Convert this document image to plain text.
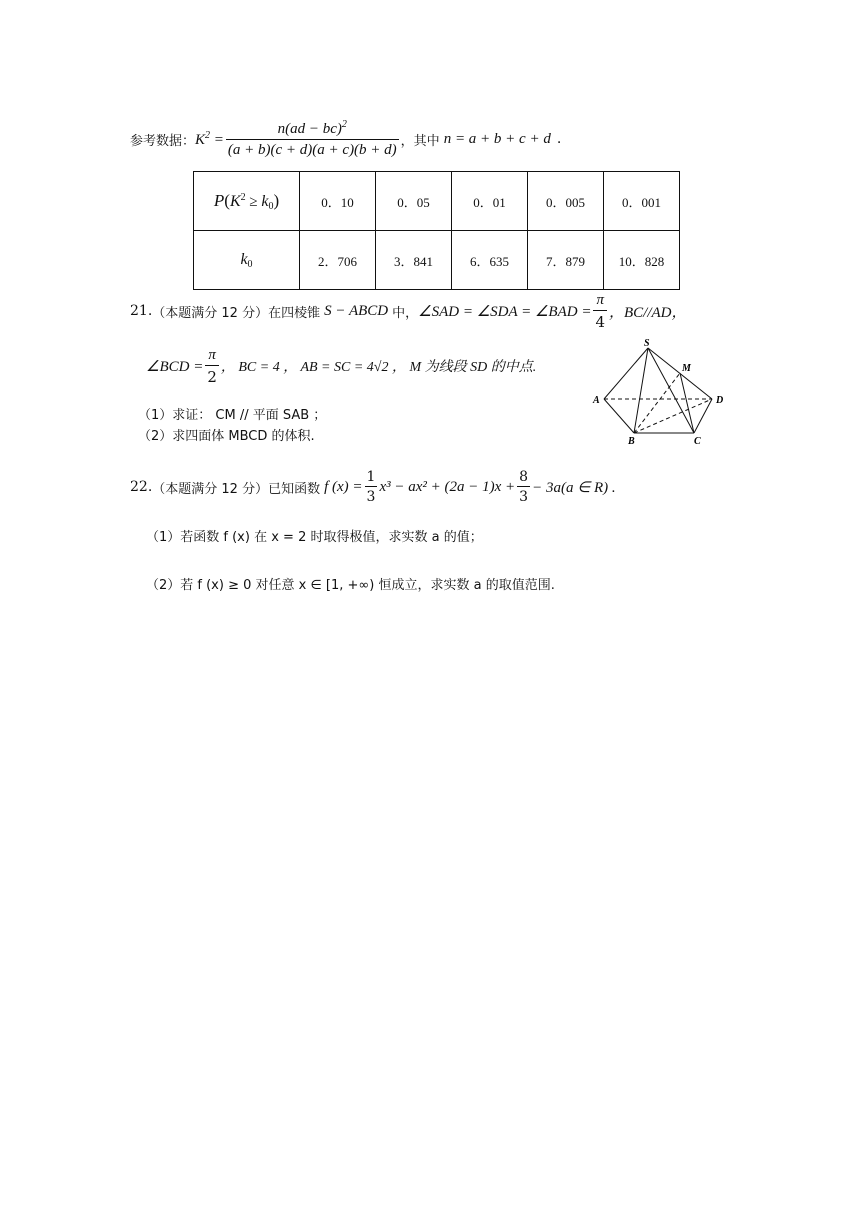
参考数据： $K^2 = \frac{n(ad - bc)^2}{(a + b)(c + d)(a + c)(b + d)}$ ，其中 n = a + b + c + d .
$P(K^2 \ge k_0)$	0．10	0．05	0．01	0．005	0．001
$k_0$	2．706	3．841	6．635	7．879	10．828
21. （本题满分 12 分） 在四棱锥 S − ABCD 中， ∠SAD = ∠SDA = ∠BAD = $\frac{\pi}{4}$ ，BC//AD，
∠BCD = $\frac{\pi}{2}$ ， BC = 4 ， AB = SC = 4√2 ， M 为线段 SD 的中点.
（1）求证： CM // 平面 SAB ；
（2）求四面体 MBCD 的体积.
S
M
A	D
B	C
22. （本题满分 12 分） 已知函数 f $(x) = \frac{1}{3} x^3 - ax^2 + (2a - 1)x + \frac{8}{3} - 3a(a$ ∈ R) .
（1）若函数 f (x) 在 x = 2 时取得极值，求实数 a 的值；
（2）若 f (x) ≥ 0 对任意 x ∈ [1, +∞) 恒成立，求实数 a 的取值范围.
